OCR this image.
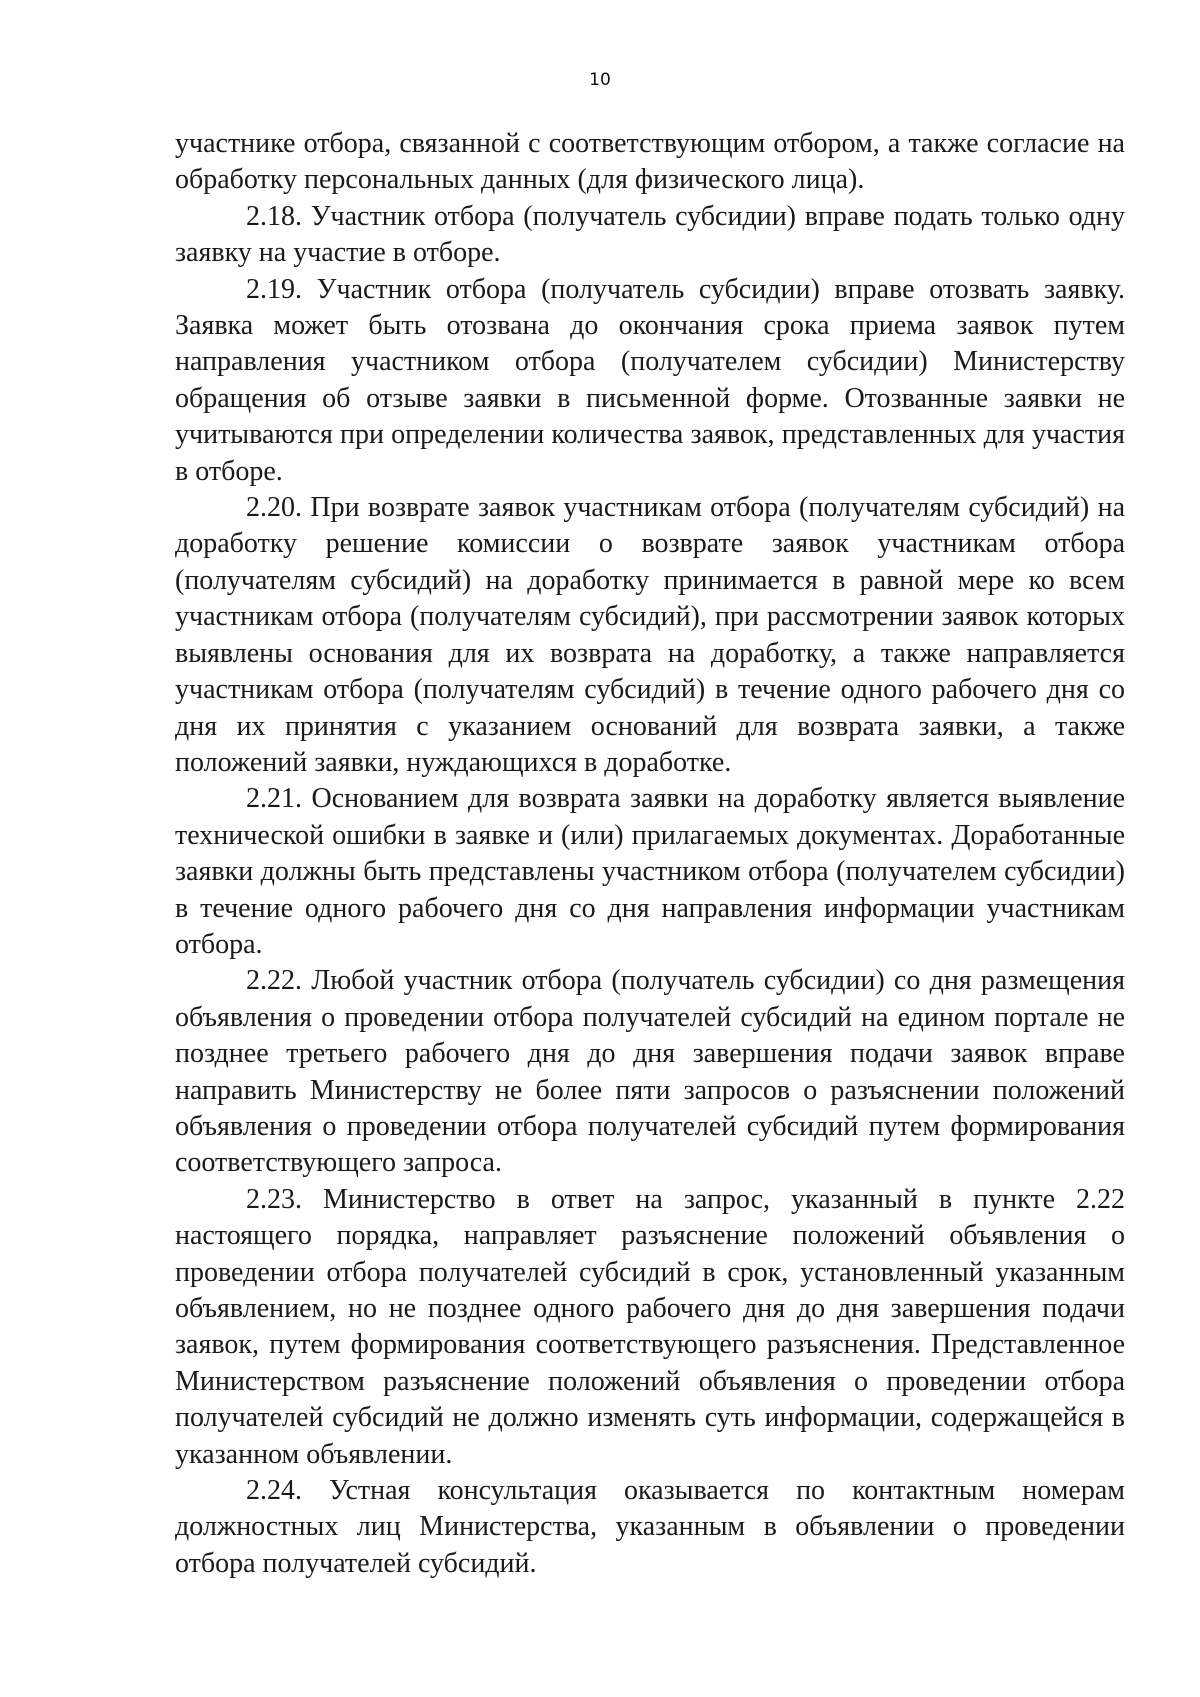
10

участнике отбора, связанной с соответствующим отбором, а также согласие на обработку персональных данных (для физического лица).

2.18. Участник отбора (получатель субсидии) вправе подать только одну заявку на участие в отборе.

2.19. Участник отбора (получатель субсидии) вправе отозвать заявку. Заявка может быть отозвана до окончания срока приема заявок путем направления участником отбора (получателем субсидии) Министерству обращения об отзыве заявки в письменной форме. Отозванные заявки не учитываются при определении количества заявок, представленных для участия в отборе.

2.20. При возврате заявок участникам отбора (получателям субсидий) на доработку решение комиссии о возврате заявок участникам отбора (получателям субсидий) на доработку принимается в равной мере ко всем участникам отбора (получателям субсидий), при рассмотрении заявок которых выявлены основания для их возврата на доработку, а также направляется участникам отбора (получателям субсидий) в течение одного рабочего дня со дня их принятия с указанием оснований для возврата заявки, а также положений заявки, нуждающихся в доработке.

2.21. Основанием для возврата заявки на доработку является выявление технической ошибки в заявке и (или) прилагаемых документах. Доработанные заявки должны быть представлены участником отбора (получателем субсидии) в течение одного рабочего дня со дня направления информации участникам отбора.

2.22. Любой участник отбора (получатель субсидии) со дня размещения объявления о проведении отбора получателей субсидий на едином портале не позднее третьего рабочего дня до дня завершения подачи заявок вправе направить Министерству не более пяти запросов о разъяснении положений объявления о проведении отбора получателей субсидий путем формирования соответствующего запроса.

2.23. Министерство в ответ на запрос, указанный в пункте 2.22 настоящего порядка, направляет разъяснение положений объявления о проведении отбора получателей субсидий в срок, установленный указанным объявлением, но не позднее одного рабочего дня до дня завершения подачи заявок, путем формирования соответствующего разъяснения. Представленное Министерством разъяснение положений объявления о проведении отбора получателей субсидий не должно изменять суть информации, содержащейся в указанном объявлении.

2.24. Устная консультация оказывается по контактным номерам должностных лиц Министерства, указанным в объявлении о проведении отбора получателей субсидий.
